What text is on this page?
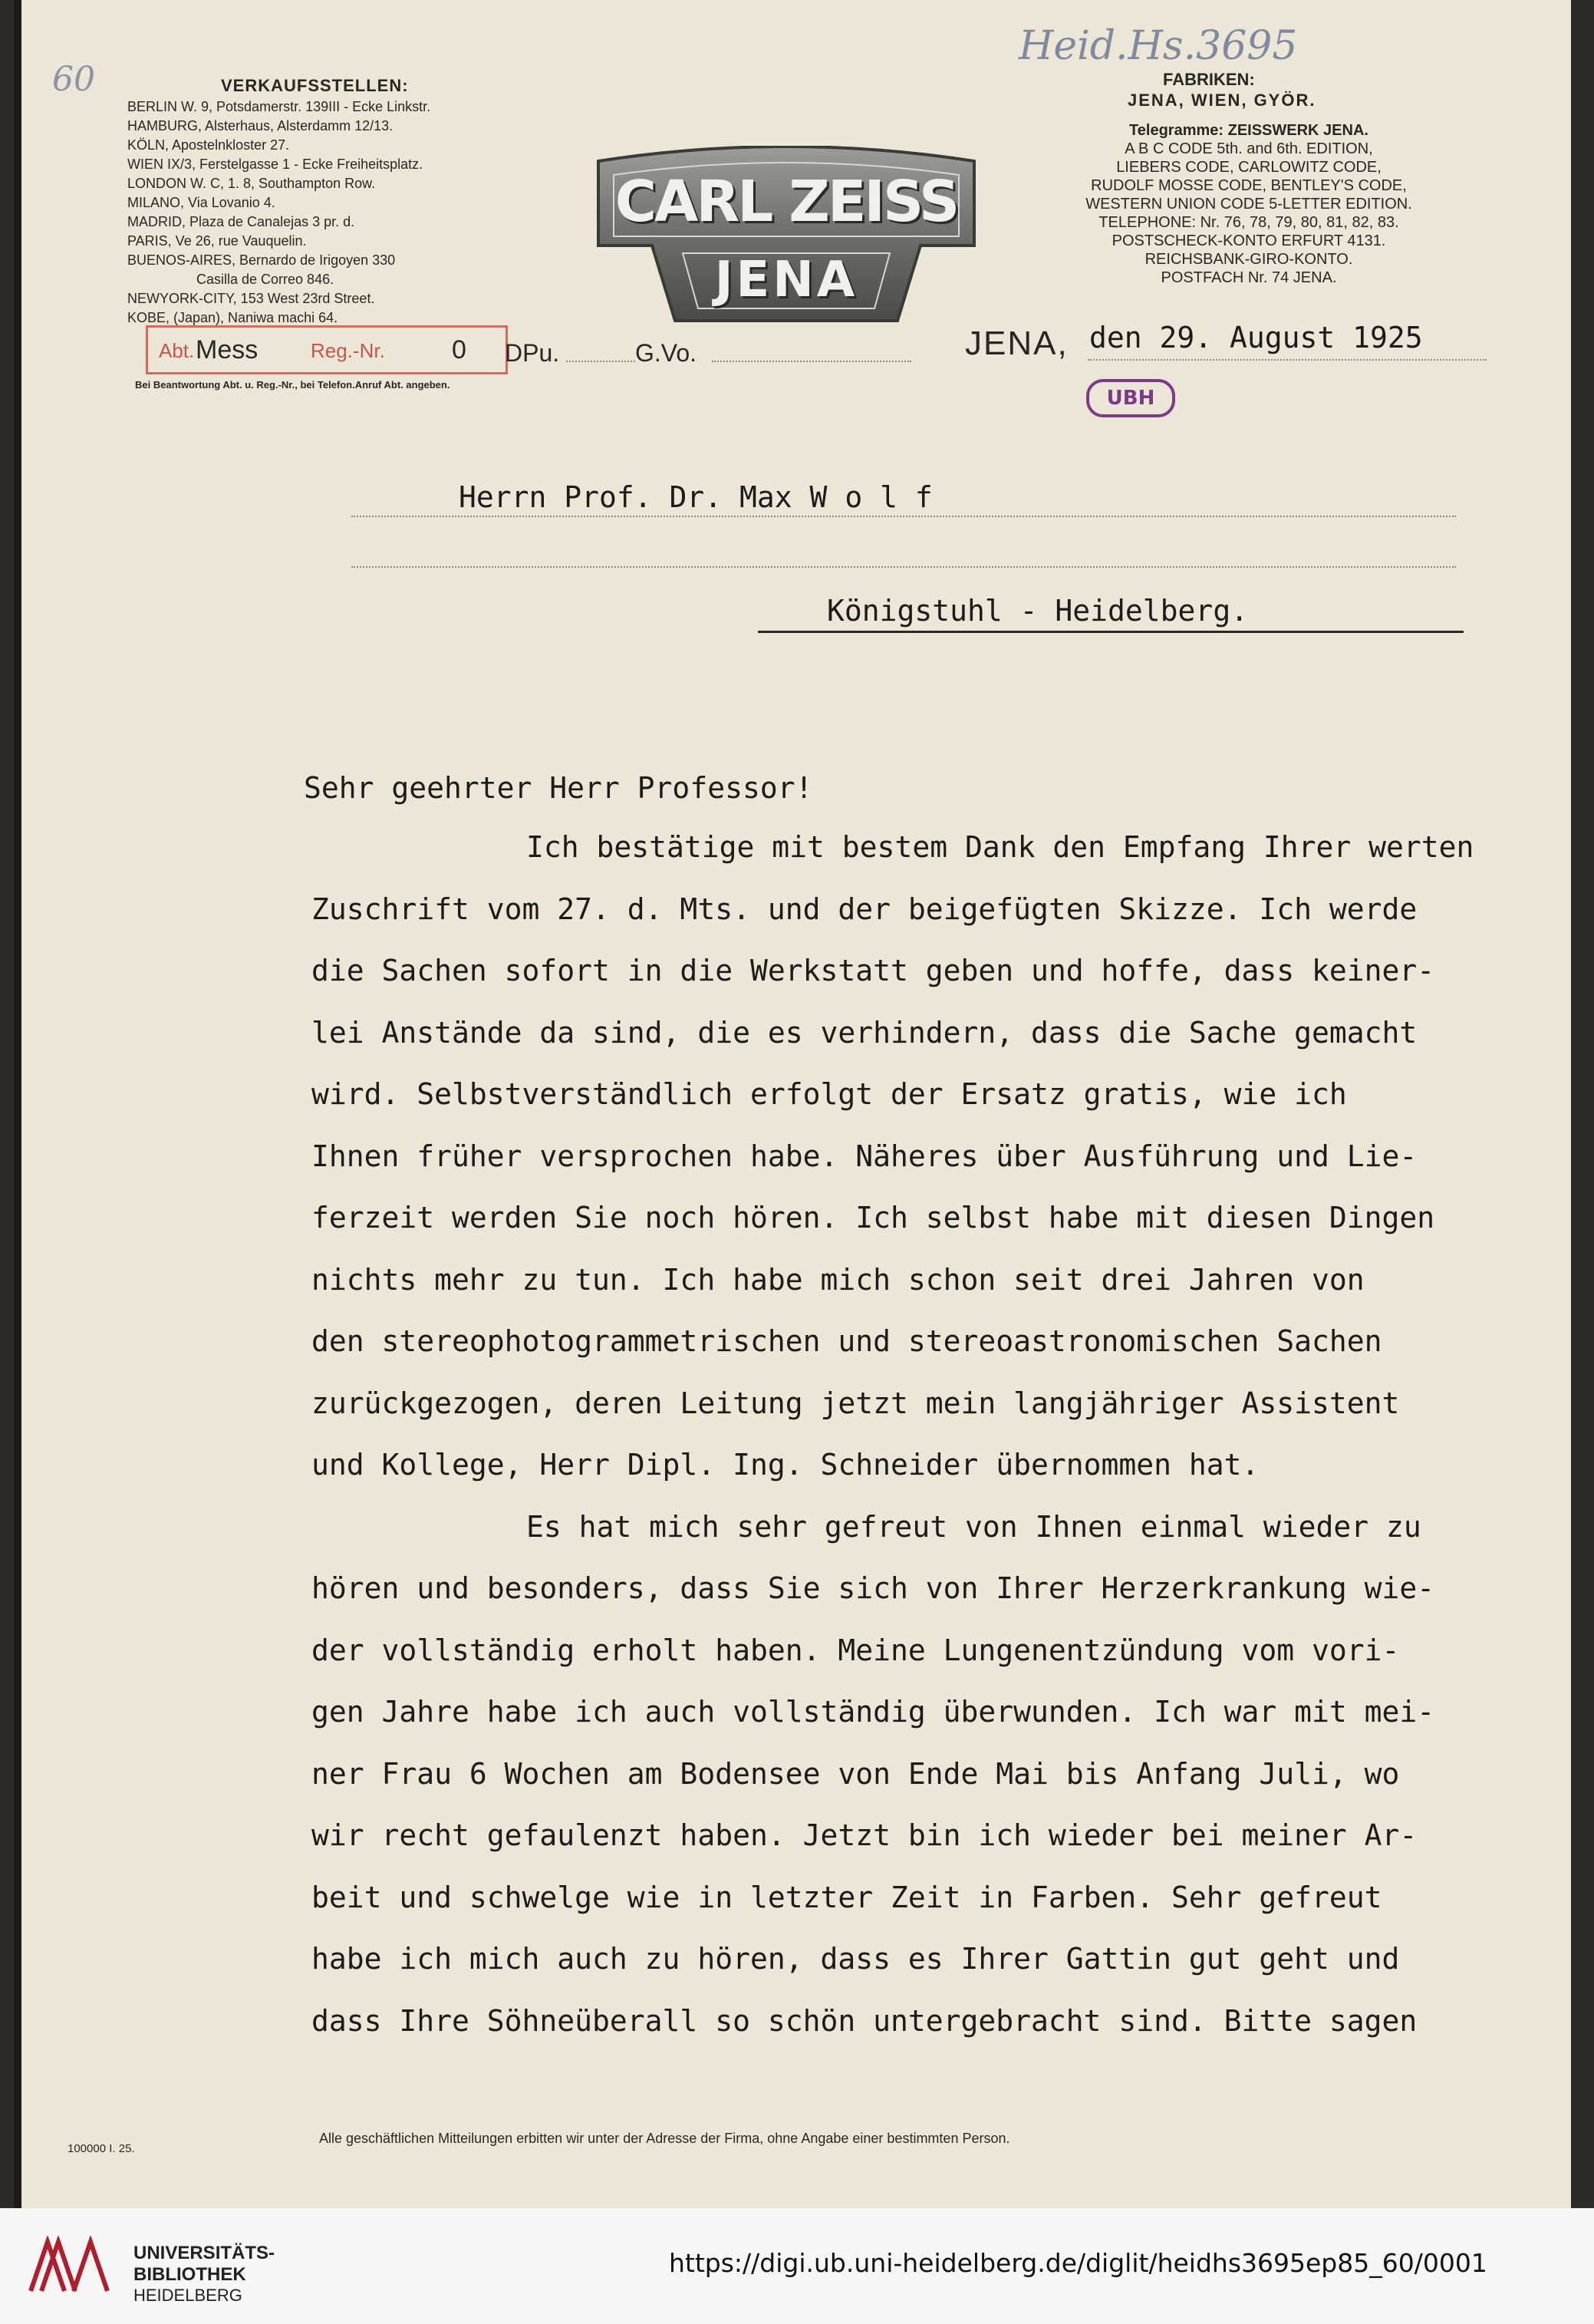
60
Heid.Hs.3695
VERKAUFSSTELLEN:
BERLIN W. 9, Potsdamerstr. 139III - Ecke Linkstr.
HAMBURG, Alsterhaus, Alsterdamm 12/13.
KÖLN, Apostelnkloster 27.
WIEN IX/3, Ferstelgasse 1 - Ecke Freiheitsplatz.
LONDON W. C, 1. 8, Southampton Row.
MILANO, Via Lovanio 4.
MADRID, Plaza de Canalejas 3 pr. d.
PARIS, Ve 26, rue Vauquelin.
BUENOS-AIRES, Bernardo de Irigoyen 330
Casilla de Correo 846.
NEWYORK-CITY, 153 West 23rd Street.
KOBE, (Japan), Naniwa machi 64.
CARL ZEISS
JENA
FABRIKEN:
JENA, WIEN, GYÖR.
Telegramme: ZEISSWERK JENA.
A B C CODE 5th. and 6th. EDITION,
LIEBERS CODE, CARLOWITZ CODE,
RUDOLF MOSSE CODE, BENTLEY'S CODE,
WESTERN UNION CODE 5-LETTER EDITION.
TELEPHONE: Nr. 76, 78, 79, 80, 81, 82, 83.
POSTSCHECK-KONTO ERFURT 4131.
REICHSBANK-GIRO-KONTO.
POSTFACH Nr. 74 JENA.
Abt. Mess	Reg.-Nr.	0
Bei Beantwortung Abt. u. Reg.-Nr., bei Telefon.Anruf Abt. angeben.
DPu.	G.Vo.	JENA, den 29. August 1925
UBH
Herrn Prof. Dr. Max W o l f
Königstuhl - Heidelberg.
Sehr geehrter Herr Professor!
Ich bestätige mit bestem Dank den Empfang Ihrer werten
Zuschrift vom 27. d. Mts. und der beigefügten Skizze. Ich werde
die Sachen sofort in die Werkstatt geben und hoffe, dass keiner-
lei Anstände da sind, die es verhindern, dass die Sache gemacht
wird. Selbstverständlich erfolgt der Ersatz gratis, wie ich
Ihnen früher versprochen habe. Näheres über Ausführung und Lie-
ferzeit werden Sie noch hören. Ich selbst habe mit diesen Dingen
nichts mehr zu tun. Ich habe mich schon seit drei Jahren von
den stereophotogrammetrischen und stereoastronomischen Sachen
zurückgezogen, deren Leitung jetzt mein langjähriger Assistent
und Kollege, Herr Dipl. Ing. Schneider übernommen hat.
Es hat mich sehr gefreut von Ihnen einmal wieder zu
hören und besonders, dass Sie sich von Ihrer Herzerkrankung wie-
der vollständig erholt haben. Meine Lungenentzündung vom vori-
gen Jahre habe ich auch vollständig überwunden. Ich war mit mei-
ner Frau 6 Wochen am Bodensee von Ende Mai bis Anfang Juli, wo
wir recht gefaulenzt haben. Jetzt bin ich wieder bei meiner Ar-
beit und schwelge wie in letzter Zeit in Farben. Sehr gefreut
habe ich mich auch zu hören, dass es Ihrer Gattin gut geht und
dass Ihre Söhneüberall so schön untergebracht sind. Bitte sagen
100000 I. 25.
Alle geschäftlichen Mitteilungen erbitten wir unter der Adresse der Firma, ohne Angabe einer bestimmten Person.
UNIVERSITÄTS-
BIBLIOTHEK
HEIDELBERG
https://digi.ub.uni-heidelberg.de/diglit/heidhs3695ep85_60/0001
